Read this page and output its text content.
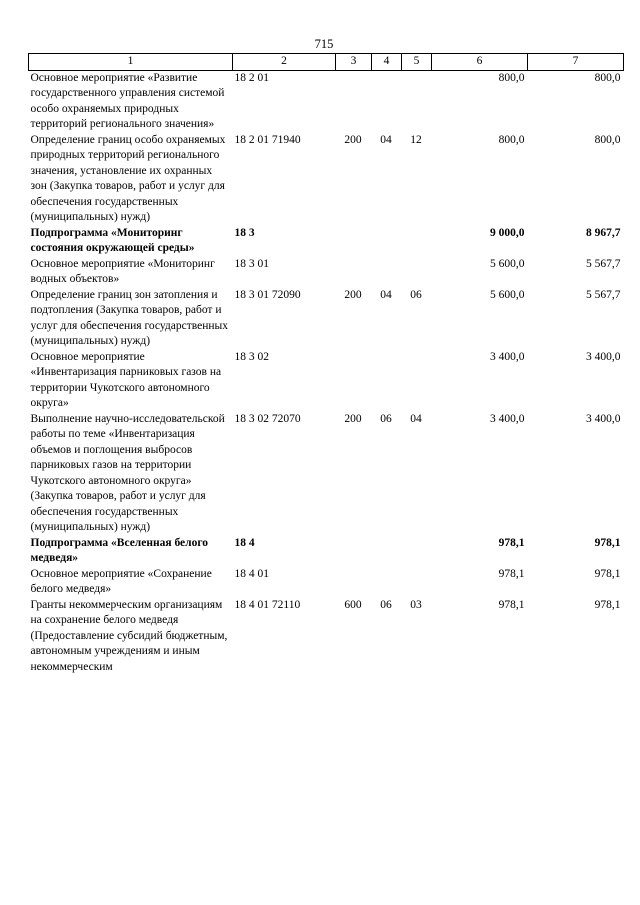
715
1	2	3	4	5	6	7
Основное мероприятие «Развитие государственного управления системой особо охраняемых природных территорий регионального значения»	18 2 01				800,0	800,0
Определение границ особо охраняемых природных территорий регионального значения, установление их охранных зон (Закупка товаров, работ и услуг для обеспечения государственных (муниципальных) нужд)	18 2 01 71940	200	04	12	800,0	800,0
Подпрограмма «Мониторинг состояния окружающей среды»	18 3				9 000,0	8 967,7
Основное мероприятие «Мониторинг водных объектов»	18 3 01				5 600,0	5 567,7
Определение границ зон затопления и подтопления (Закупка товаров, работ и услуг для обеспечения государственных (муниципальных) нужд)	18 3 01 72090	200	04	06	5 600,0	5 567,7
Основное мероприятие «Инвентаризация парниковых газов на территории Чукотского автономного округа»	18 3 02				3 400,0	3 400,0
Выполнение научно-исследовательской работы по теме «Инвентаризация объемов и поглощения выбросов парниковых газов на территории Чукотского автономного округа» (Закупка товаров, работ и услуг для обеспечения государственных (муниципальных) нужд)	18 3 02 72070	200	06	04	3 400,0	3 400,0
Подпрограмма «Вселенная белого медведя»	18 4				978,1	978,1
Основное мероприятие «Сохранение белого медведя»	18 4 01				978,1	978,1
Гранты некоммерческим организациям на сохранение белого медведя (Предоставление субсидий бюджетным, автономным учреждениям и иным некоммерческим	18 4 01 72110	600	06	03	978,1	978,1
